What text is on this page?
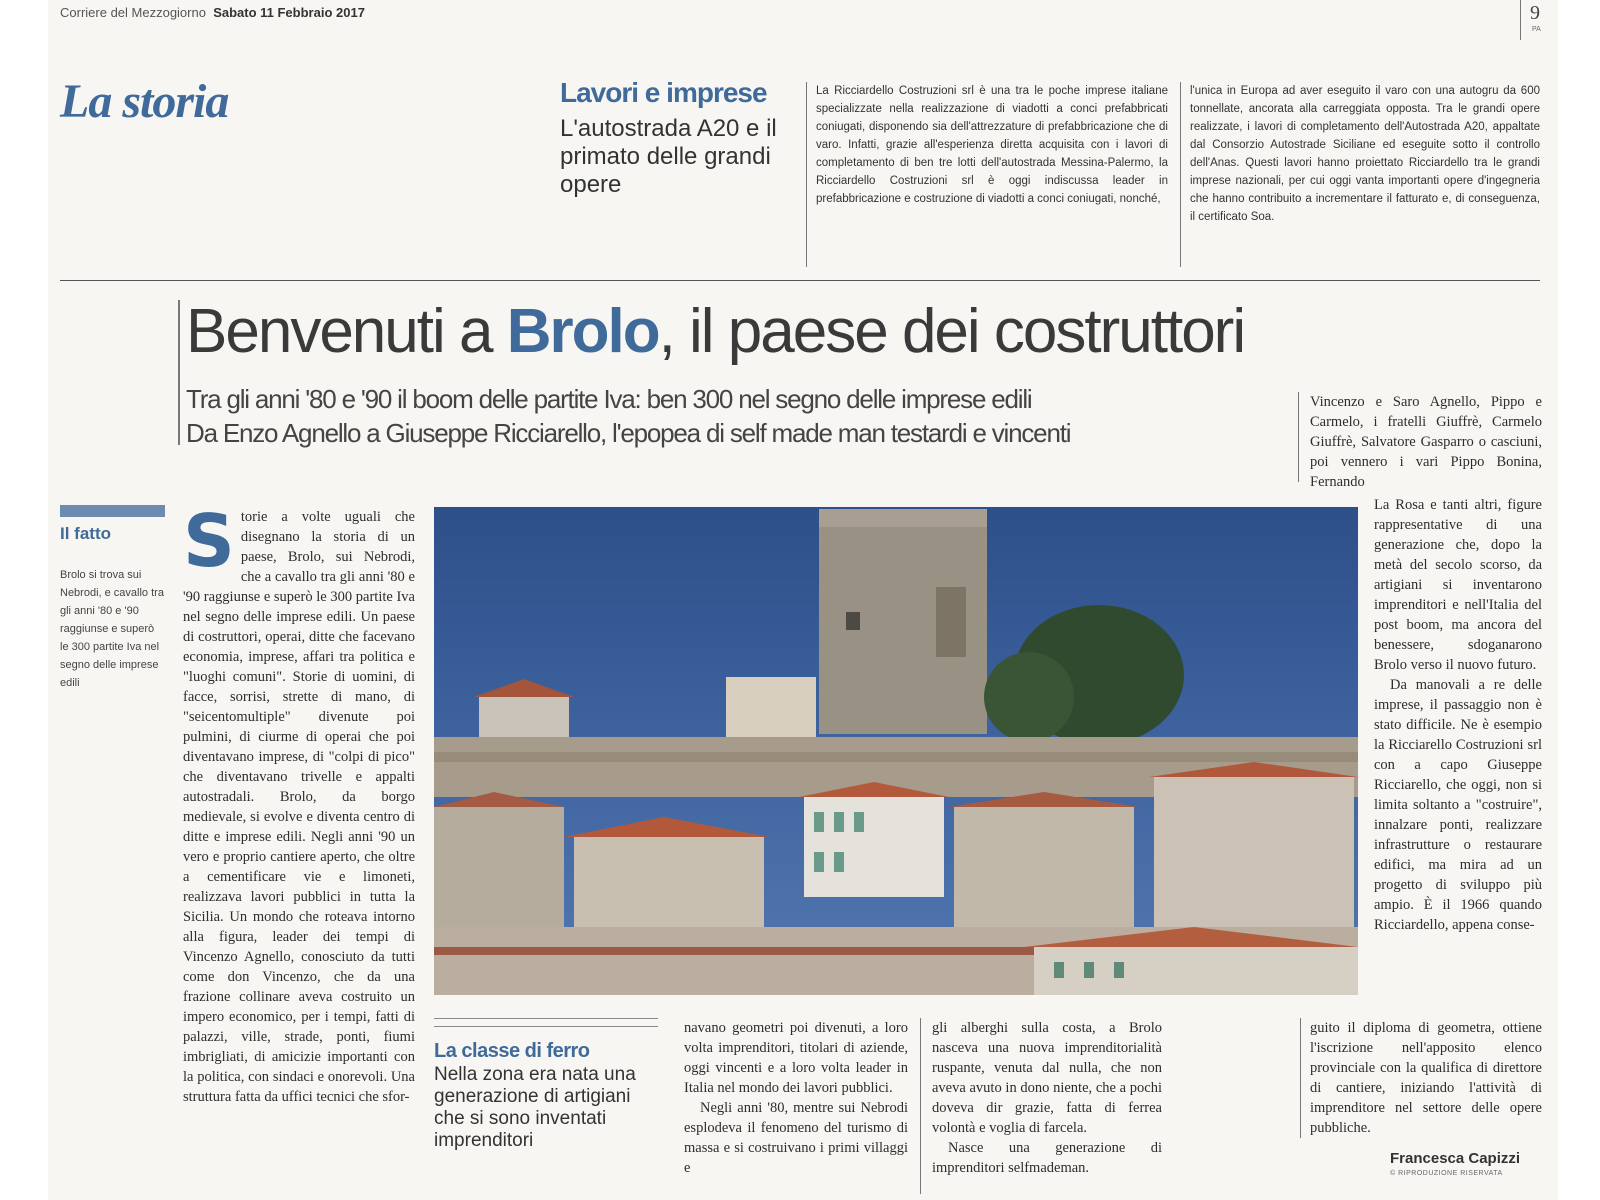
Corriere del Mezzogiorno Sabato 11 Febbraio 2017	9
PA
La storia	Lavori e imprese
L'autostrada A20 e il primato delle grandi opere
La Ricciardello Costruzioni srl è una tra le poche imprese italiane specializzate nella realizzazione di viadotti a conci prefabbricati coniugati, disponendo sia dell'attrezzature di prefabbricazione che di varo. Infatti, grazie all'esperienza diretta acquisita con i lavori di completamento di ben tre lotti dell'autostrada Messina-Palermo, la Ricciardello Costruzioni srl è oggi indiscussa leader in prefabbricazione e costruzione di viadotti a conci coniugati, nonché,
l'unica in Europa ad aver eseguito il varo con una autogru da 600 tonnellate, ancorata alla carreggiata opposta. Tra le grandi opere realizzate, i lavori di completamento dell'Autostrada A20, appaltate dal Consorzio Autostrade Siciliane ed eseguite sotto il controllo dell'Anas. Questi lavori hanno proiettato Ricciardello tra le grandi imprese nazionali, per cui oggi vanta importanti opere d'ingegneria che hanno contribuito a incrementare il fatturato e, di conseguenza, il certificato Soa.
Benvenuti a Brolo, il paese dei costruttori
Tra gli anni '80 e '90 il boom delle partite Iva: ben 300 nel segno delle imprese edili
Da Enzo Agnello a Giuseppe Ricciarello, l'epopea di self made man testardi e vincenti
Il fatto
Brolo si trova sui Nebrodi, e cavallo tra gli anni '80 e '90 raggiunse e superò le 300 partite Iva nel segno delle imprese edili
S torie a volte uguali che disegnano la storia di un paese, Brolo, sui Nebrodi, che a cavallo tra gli anni '80 e '90 raggiunse e superò le 300 partite Iva nel segno delle imprese edili. Un paese di costruttori, operai, ditte che facevano economia, imprese, affari tra politica e "luoghi comuni". Storie di uomini, di facce, sorrisi, strette di mano, di "seicentomultiple" divenute poi pulmini, di ciurme di operai che poi diventavano imprese, di "colpi di pico" che diventavano trivelle e appalti autostradali. Brolo, da borgo medievale, si evolve e diventa centro di ditte e imprese edili. Negli anni '90 un vero e proprio cantiere aperto, che oltre a cementificare vie e limoneti, realizzava lavori pubblici in tutta la Sicilia. Un mondo che roteava intorno alla figura, leader dei tempi di Vincenzo Agnello, conosciuto da tutti come don Vincenzo, che da una frazione collinare aveva costruito un impero economico, per i tempi, fatti di palazzi, ville, strade, ponti, fiumi imbrigliati, di amicizie importanti con la politica, con sindaci e onorevoli. Una struttura fatta da uffici tecnici che sfor-
La classe di ferro
Nella zona era nata una generazione di artigiani che si sono inventati imprenditori
navano geometri poi divenuti, a loro volta imprenditori, titolari di aziende, oggi vincenti e a loro volta leader in Italia nel mondo dei lavori pubblici.
Negli anni '80, mentre sui Nebrodi esplodeva il fenomeno del turismo di massa e si costruivano i primi villaggi e
gli alberghi sulla costa, a Brolo nasceva una nuova imprenditorialità ruspante, venuta dal nulla, che non aveva avuto in dono niente, che a pochi doveva dir grazie, fatta di ferrea volontà e voglia di farcela.
Nasce una generazione di imprenditori selfmademan.
Vincenzo e Saro Agnello, Pippo e Carmelo, i fratelli Giuffrè, Carmelo Giuffrè, Salvatore Gasparro o casciuni, poi vennero i vari Pippo Bonina, Fernando
La Rosa e tanti altri, figure rappresentative di una generazione che, dopo la metà del secolo scorso, da artigiani si inventarono imprenditori e nell'Italia del post boom, ma ancora del benessere, sdoganarono Brolo verso il nuovo futuro.
Da manovali a re delle imprese, il passaggio non è stato difficile. Ne è esempio la Ricciarello Costruzioni srl con a capo Giuseppe Ricciarello, che oggi, non si limita soltanto a "costruire", innalzare ponti, realizzare infrastrutture o restaurare edifici, ma mira ad un progetto di sviluppo più ampio. È il 1966 quando Ricciardello, appena conse-
guito il diploma di geometra, ottiene l'iscrizione nell'apposito elenco provinciale con la qualifica di direttore di cantiere, iniziando l'attività di imprenditore nel settore delle opere pubbliche.
Francesca Capizzi
© RIPRODUZIONE RISERVATA
